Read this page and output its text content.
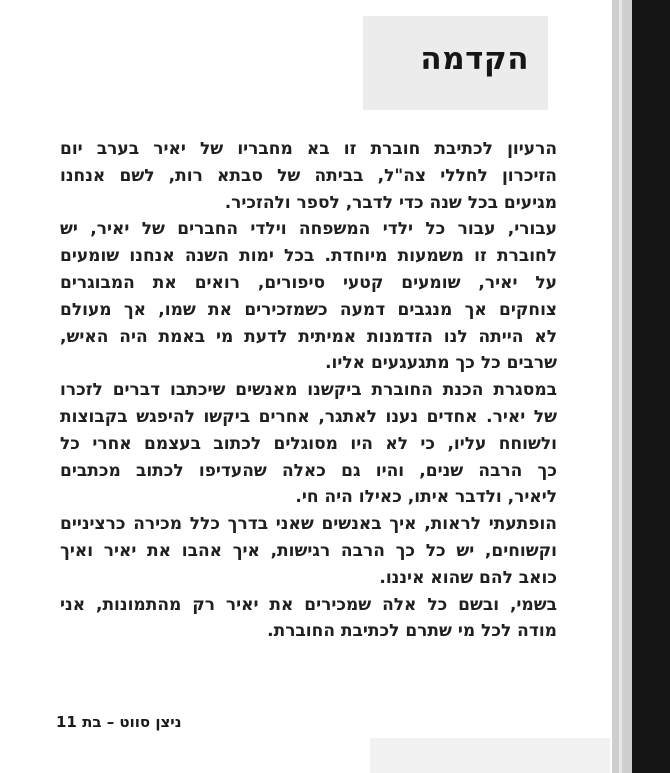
הקדמה
הרעיון לכתיבת חוברת זו בא מחבריו של יאיר בערב יום
הזיכרון לחללי צה"ל, בביתה של סבתא רות, לשם אנחנו
מגיעים בכל שנה כדי לדבר, לספר ולהזכיר.
עבורי, עבור כל ילדי המשפחה וילדי החברים של יאיר, יש
לחוברת זו משמעות מיוחדת. בכל ימות השנה אנחנו שומעים
על יאיר, שומעים קטעי סיפורים, רואים את המבוגרים
צוחקים אך מנגבים דמעה כשמזכירים את שמו, אך מעולם
לא הייתה לנו הזדמנות אמיתית לדעת מי באמת היה האיש,
שרבים כל כך מתגעגעים אליו.
במסגרת הכנת החוברת ביקשנו מאנשים שיכתבו דברים לזכרו
של יאיר. אחדים נענו לאתגר, אחרים ביקשו להיפגש בקבוצות
ולשוחח עליו, כי לא היו מסוגלים לכתוב בעצמם אחרי כל
כך הרבה שנים, והיו גם כאלה שהעדיפו לכתוב מכתבים
ליאיר, ולדבר איתו, כאילו היה חי.
הופתעתי לראות, איך באנשים שאני בדרך כלל מכירה כרציניים
וקשוחים, יש כל כך הרבה רגישות, איך אהבו את יאיר ואיך
כואב להם שהוא איננו.
בשמי, ובשם כל אלה שמכירים את יאיר רק מהתמונות, אני
מודה לכל מי שתרם לכתיבת החוברת.
ניצן סווט – בת 11
